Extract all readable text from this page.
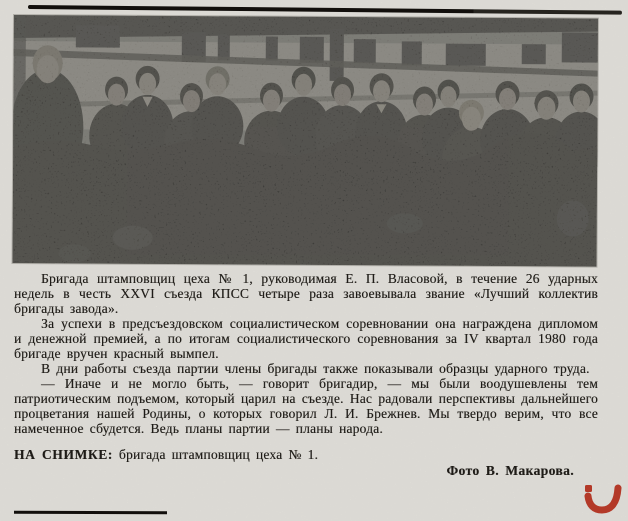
Бригада штамповщиц цеха № 1, руководимая Е. П. Власовой, в течение 26 ударных недель в честь XXVI съезда КПСС четыре раза завоевывала звание «Лучший коллектив бригады завода».

За успехи в предсъездовском социалистическом соревновании она награждена дипломом и денежной премией, а по итогам социалистического соревнования за IV квартал 1980 года бригаде вручен красный вымпел.

В дни работы съезда партии члены бригады также показывали образцы ударного труда.

— Иначе и не могло быть, — говорит бригадир, — мы были воодушевлены тем патриотическим подъемом, который царил на съезде. Нас радовали перспективы дальнейшего процветания нашей Родины, о которых говорил Л. И. Брежнев. Мы твердо верим, что все намеченное сбудется. Ведь планы партии — планы народа.

НА СНИМКЕ: бригада штамповщиц цеха № 1.
Фото В. Макарова.
